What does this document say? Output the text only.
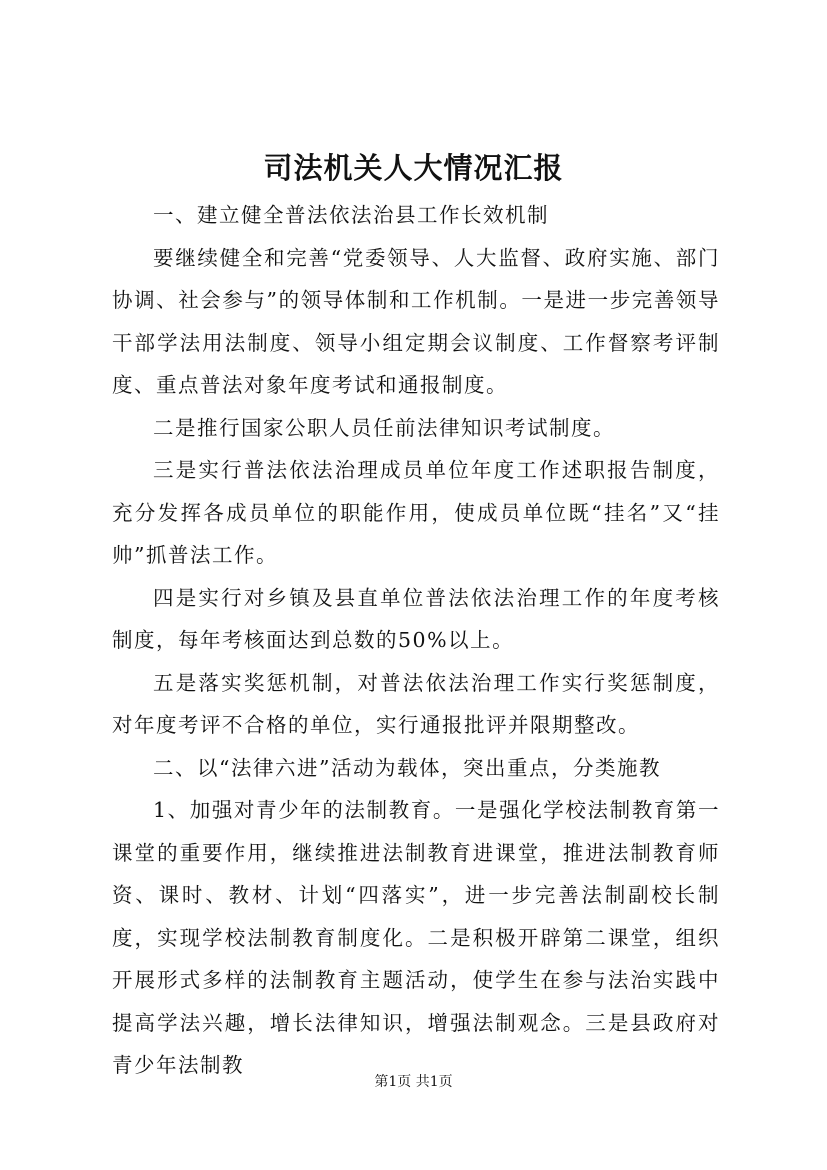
司法机关人大情况汇报

一、建立健全普法依法治县工作长效机制

要继续健全和完善“党委领导、人大监督、政府实施、部门协调、社会参与”的领导体制和工作机制。一是进一步完善领导干部学法用法制度、领导小组定期会议制度、工作督察考评制度、重点普法对象年度考试和通报制度。

二是推行国家公职人员任前法律知识考试制度。

三是实行普法依法治理成员单位年度工作述职报告制度，充分发挥各成员单位的职能作用，使成员单位既“挂名”又“挂帅”抓普法工作。

四是实行对乡镇及县直单位普法依法治理工作的年度考核制度，每年考核面达到总数的50%以上。

五是落实奖惩机制，对普法依法治理工作实行奖惩制度，对年度考评不合格的单位，实行通报批评并限期整改。

二、以“法律六进”活动为载体，突出重点，分类施教

1、加强对青少年的法制教育。一是强化学校法制教育第一课堂的重要作用，继续推进法制教育进课堂，推进法制教育师资、课时、教材、计划“四落实”，进一步完善法制副校长制度，实现学校法制教育制度化。二是积极开辟第二课堂，组织开展形式多样的法制教育主题活动，使学生在参与法治实践中提高学法兴趣，增长法律知识，增强法制观念。三是县政府对青少年法制教

第1页 共1页
